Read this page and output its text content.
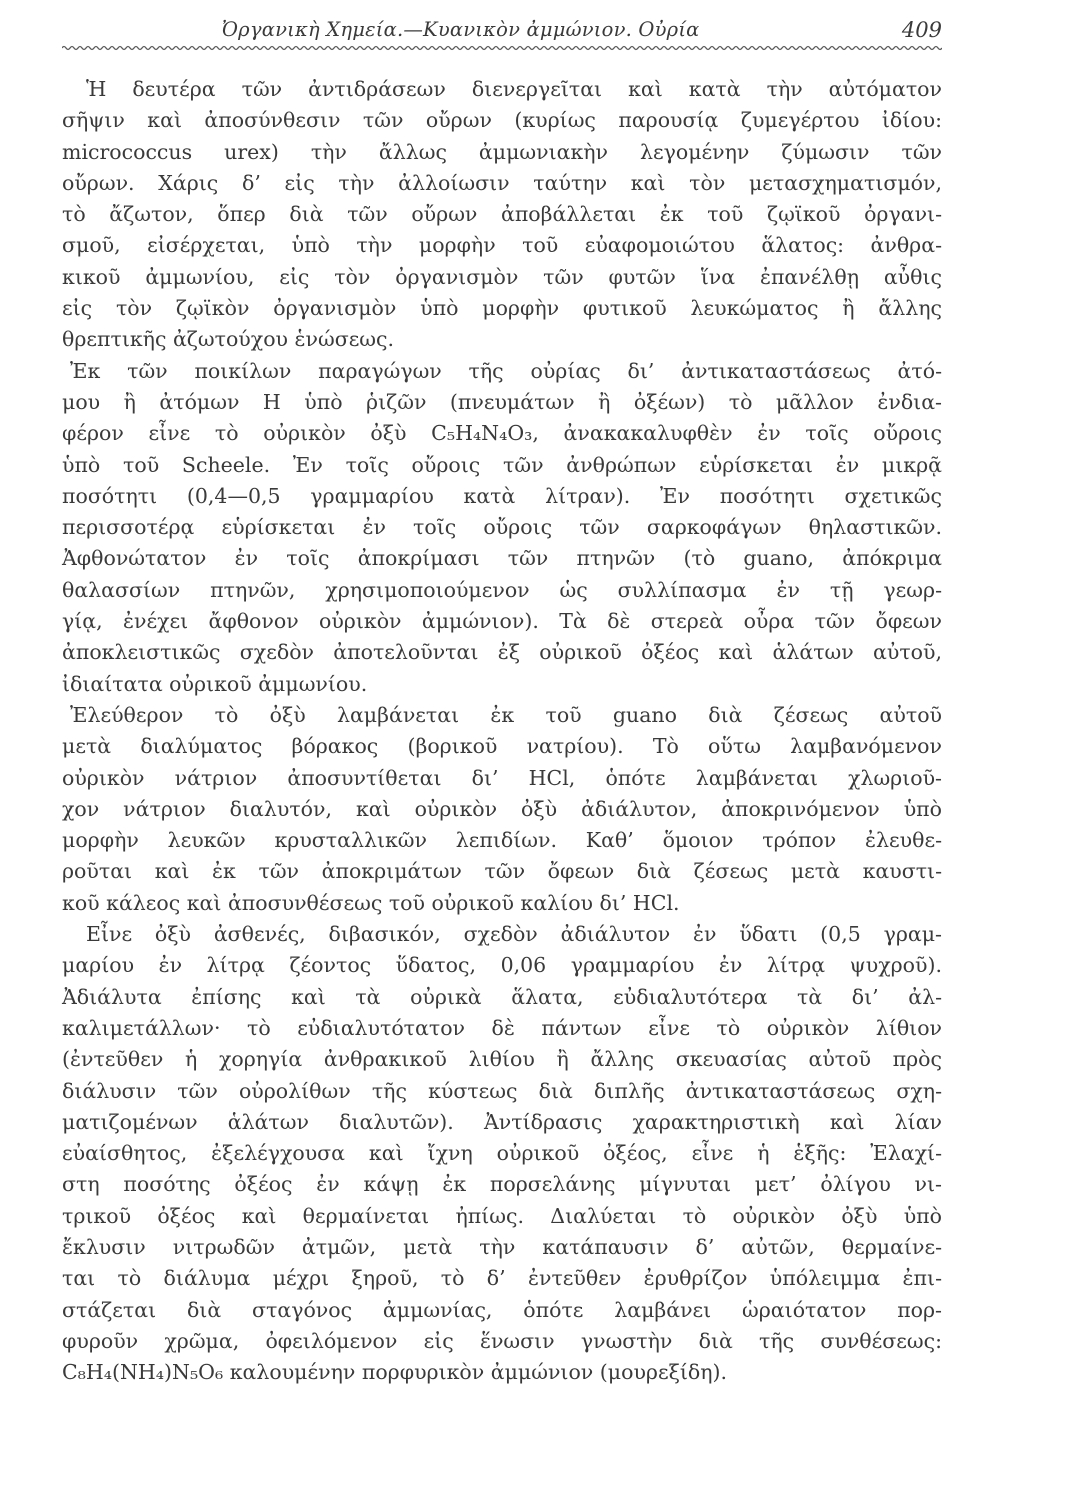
Ὀργανικὴ Χημεία.—Κυανικὸν ἀμμώνιον. Οὐρία	409
Ἡ δευτέρα τῶν ἀντιδράσεων διενεργεῖται καὶ κατὰ τὴν αὐτόματον
σῆψιν καὶ ἀποσύνθεσιν τῶν οὔρων (κυρίως παρουσίᾳ ζυμεγέρτου ἰδίου:
micrococcus urex) τὴν ἄλλως ἀμμωνιακὴν λεγομένην ζύμωσιν τῶν
οὔρων. Χάρις δ’ εἰς τὴν ἀλλοίωσιν ταύτην καὶ τὸν μετασχηματισμόν,
τὸ ἄζωτον, ὅπερ διὰ τῶν οὔρων ἀποβάλλεται ἐκ τοῦ ζῳϊκοῦ ὀργανι-
σμοῦ, εἰσέρχεται, ὑπὸ τὴν μορφὴν τοῦ εὐαφομοιώτου ἅλατος: ἀνθρα-
κικοῦ ἀμμωνίου, εἰς τὸν ὀργανισμὸν τῶν φυτῶν ἵνα ἐπανέλθῃ αὖθις
εἰς τὸν ζῳϊκὸν ὀργανισμὸν ὑπὸ μορφὴν φυτικοῦ λευκώματος ἢ ἄλλης
θρεπτικῆς ἀζωτούχου ἑνώσεως.
Ἐκ τῶν ποικίλων παραγώγων τῆς οὐρίας δι’ ἀντικαταστάσεως ἀτό-
μου ἢ ἀτόμων H ὑπὸ ῥιζῶν (πνευμάτων ἢ ὀξέων) τὸ μᾶλλον ἐνδια-
φέρον εἶνε τὸ οὐρικὸν ὀξὺ C₅H₄N₄O₃, ἀνακακαλυφθὲν ἐν τοῖς οὔροις
ὑπὸ τοῦ Scheele. Ἐν τοῖς οὔροις τῶν ἀνθρώπων εὑρίσκεται ἐν μικρᾷ
ποσότητι (0,4—0,5 γραμμαρίου κατὰ λίτραν). Ἐν ποσότητι σχετικῶς
περισσοτέρᾳ εὑρίσκεται ἐν τοῖς οὔροις τῶν σαρκοφάγων θηλαστικῶν.
Ἀφθονώτατον ἐν τοῖς ἀποκρίμασι τῶν πτηνῶν (τὸ guano, ἀπόκριμα
θαλασσίων πτηνῶν, χρησιμοποιούμενον ὡς συλλίπασμα ἐν τῇ γεωρ-
γίᾳ, ἐνέχει ἄφθονον οὐρικὸν ἀμμώνιον). Τὰ δὲ στερεὰ οὖρα τῶν ὄφεων
ἀποκλειστικῶς σχεδὸν ἀποτελοῦνται ἐξ οὐρικοῦ ὀξέος καὶ ἁλάτων αὐτοῦ,
ἰδιαίτατα οὐρικοῦ ἀμμωνίου.
Ἐλεύθερον τὸ ὀξὺ λαμβάνεται ἐκ τοῦ guano διὰ ζέσεως αὐτοῦ
μετὰ διαλύματος βόρακος (βορικοῦ νατρίου). Τὸ οὕτω λαμβανόμενον
οὐρικὸν νάτριον ἀποσυντίθεται δι’ HCl, ὁπότε λαμβάνεται χλωριοῦ-
χον νάτριον διαλυτόν, καὶ οὐρικὸν ὀξὺ ἀδιάλυτον, ἀποκρινόμενον ὑπὸ
μορφὴν λευκῶν κρυσταλλικῶν λεπιδίων. Καθ’ ὅμοιον τρόπον ἐλευθε-
ροῦται καὶ ἐκ τῶν ἀποκριμάτων τῶν ὄφεων διὰ ζέσεως μετὰ καυστι-
κοῦ κάλεος καὶ ἀποσυνθέσεως τοῦ οὐρικοῦ καλίου δι’ HCl.
Εἶνε ὀξὺ ἀσθενές, διβασικόν, σχεδὸν ἀδιάλυτον ἐν ὕδατι (0,5 γραμ-
μαρίου ἐν λίτρᾳ ζέοντος ὕδατος, 0,06 γραμμαρίου ἐν λίτρᾳ ψυχροῦ).
Ἀδιάλυτα ἐπίσης καὶ τὰ οὐρικὰ ἅλατα, εὐδιαλυτότερα τὰ δι’ ἀλ-
καλιμετάλλων· τὸ εὐδιαλυτότατον δὲ πάντων εἶνε τὸ οὐρικὸν λίθιον
(ἐντεῦθεν ἡ χορηγία ἀνθρακικοῦ λιθίου ἢ ἄλλης σκευασίας αὐτοῦ πρὸς
διάλυσιν τῶν οὐρολίθων τῆς κύστεως διὰ διπλῆς ἀντικαταστάσεως σχη-
ματιζομένων ἁλάτων διαλυτῶν). Ἀντίδρασις χαρακτηριστικὴ καὶ λίαν
εὐαίσθητος, ἐξελέγχουσα καὶ ἴχνη οὐρικοῦ ὀξέος, εἶνε ἡ ἑξῆς: Ἐλαχί-
στη ποσότης ὀξέος ἐν κάψῃ ἐκ πορσελάνης μίγνυται μετ’ ὀλίγου νι-
τρικοῦ ὀξέος καὶ θερμαίνεται ἠπίως. Διαλύεται τὸ οὐρικὸν ὀξὺ ὑπὸ
ἔκλυσιν νιτρωδῶν ἀτμῶν, μετὰ τὴν κατάπαυσιν δ’ αὐτῶν, θερμαίνε-
ται τὸ διάλυμα μέχρι ξηροῦ, τὸ δ’ ἐντεῦθεν ἐρυθρίζον ὑπόλειμμα ἐπι-
στάζεται διὰ σταγόνος ἀμμωνίας, ὁπότε λαμβάνει ὡραιότατον πορ-
φυροῦν χρῶμα, ὀφειλόμενον εἰς ἕνωσιν γνωστὴν διὰ τῆς συνθέσεως:
C₈H₄(NH₄)N₅O₆ καλουμένην πορφυρικὸν ἀμμώνιον (μουρεξίδη).
